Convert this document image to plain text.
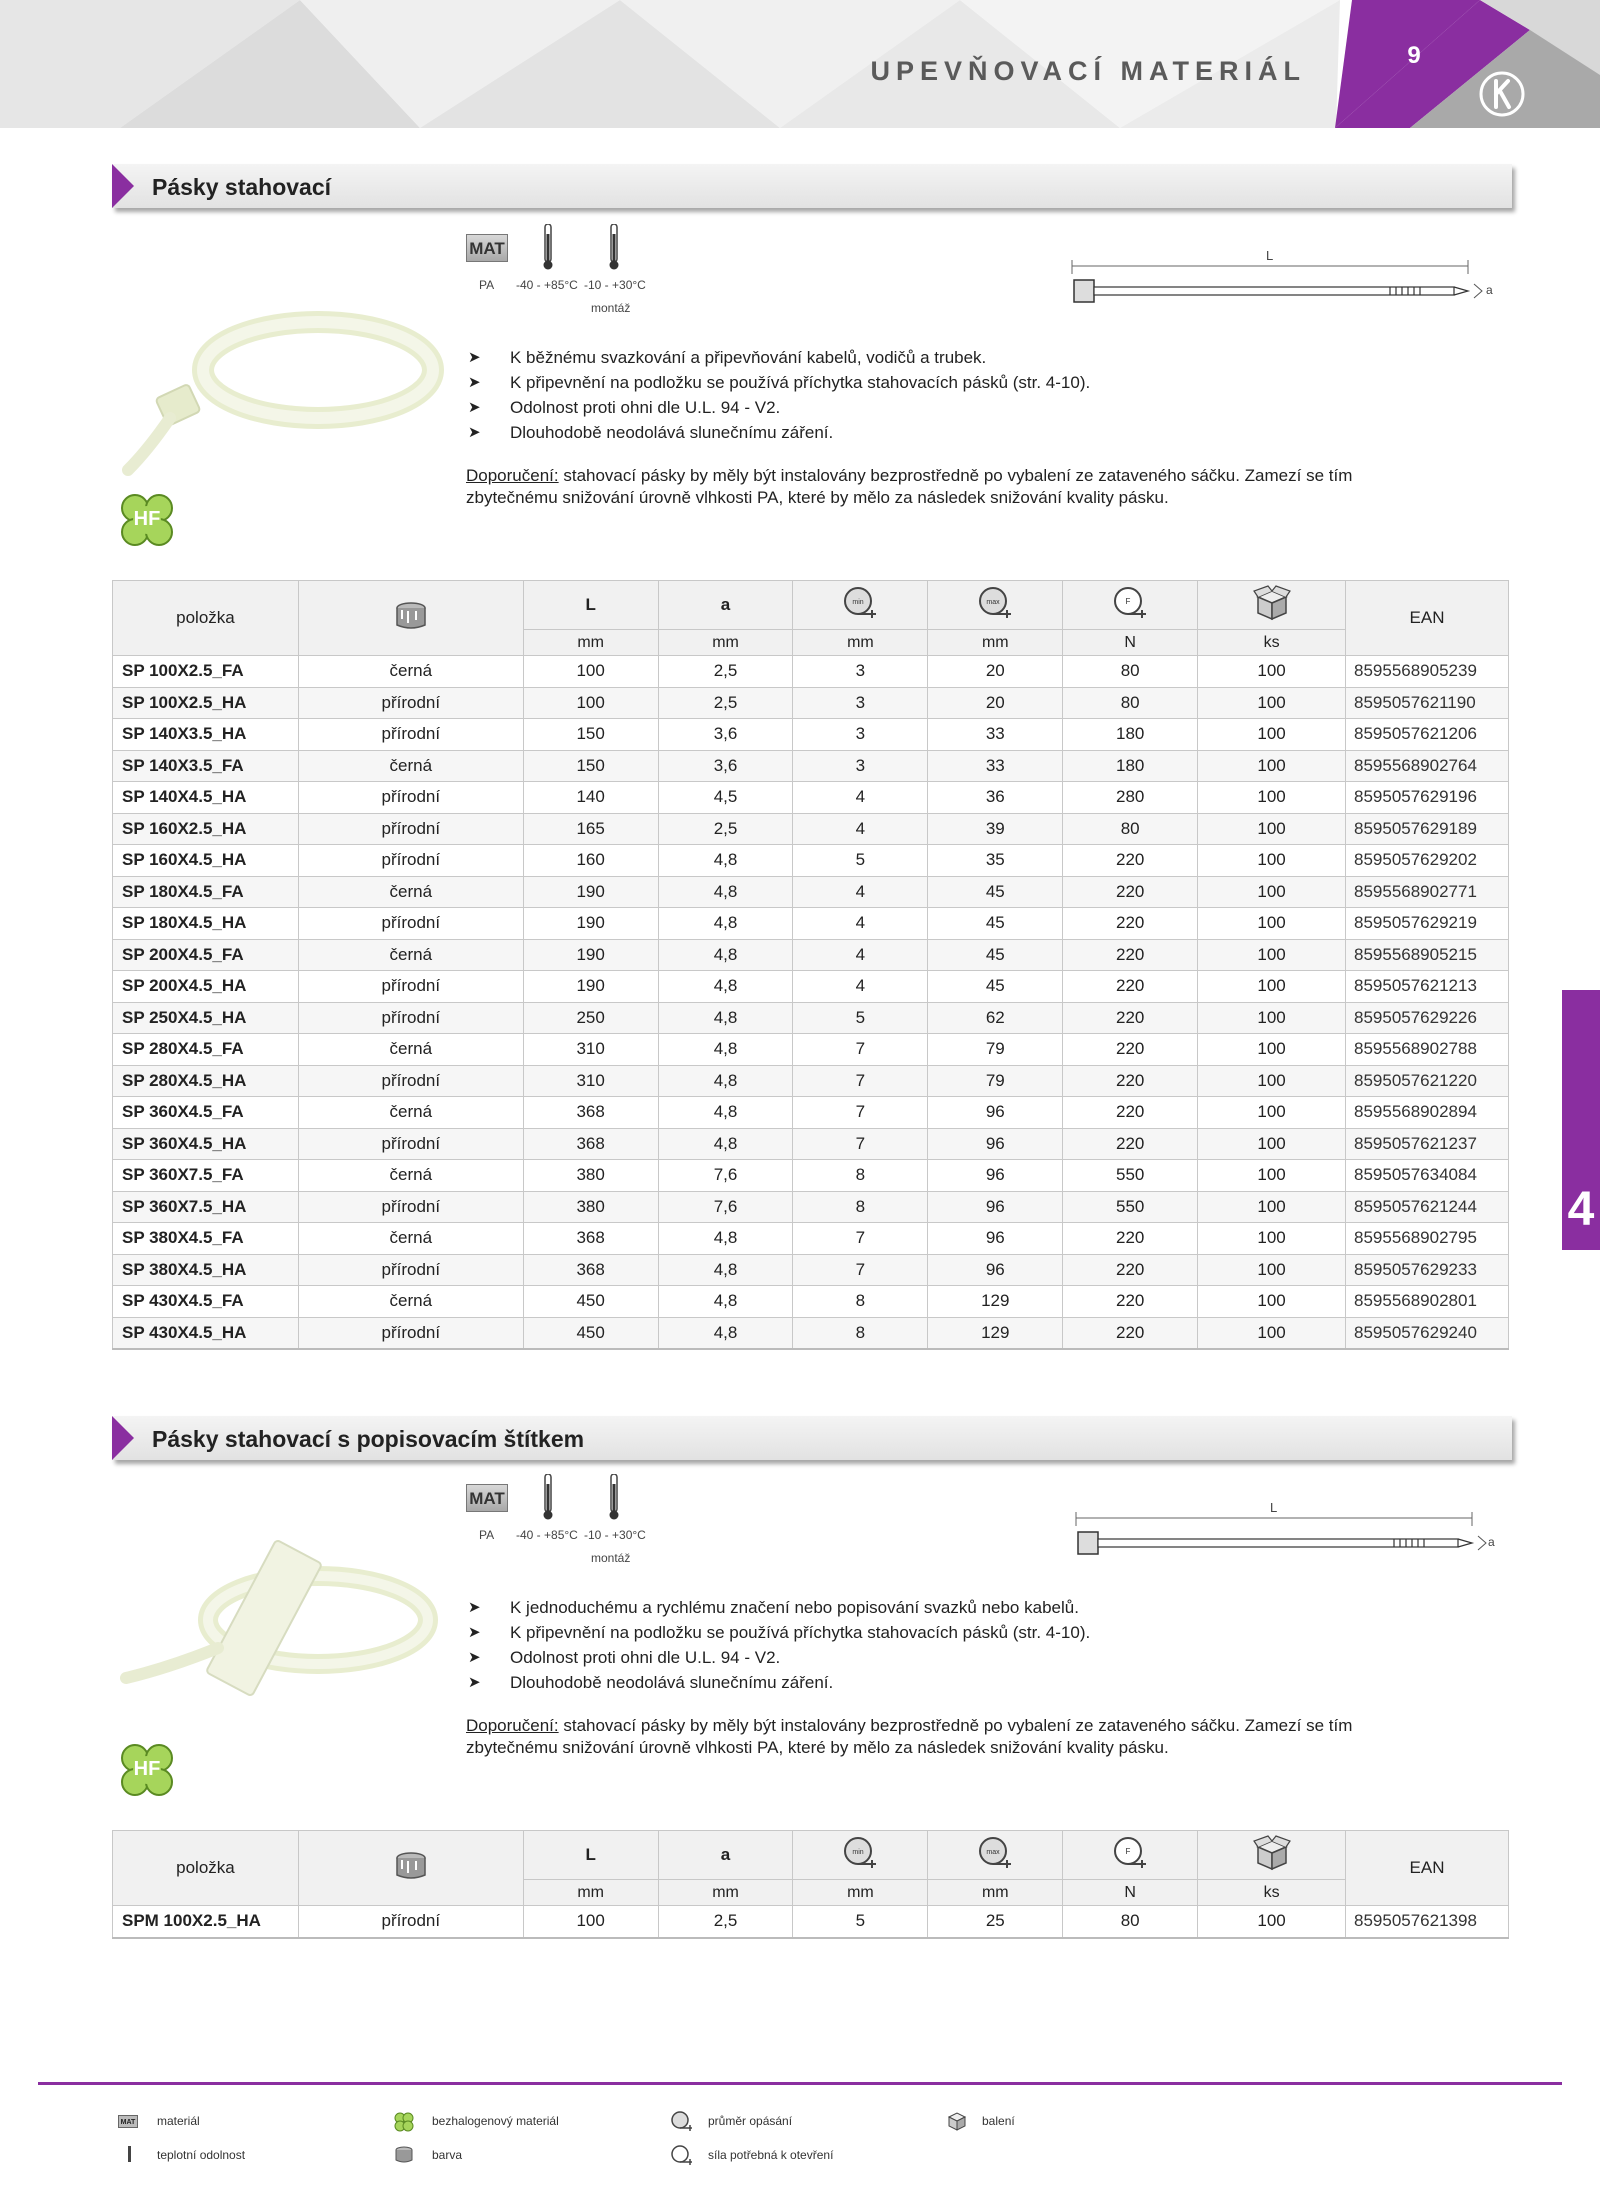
UPEVŇOVACÍ MATERIÁL
9
Pásky stahovací
MAT
PA -40 - +85°C -10 - +30°C
montáž
L
a
➤ K běžnému svazkování a připevňování kabelů, vodičů a trubek.
➤ K připevnění na podložku se používá příchytka stahovacích pásků (str. 4-10).
➤ Odolnost proti ohni dle U.L. 94 - V2.
➤ Dlouhodobě neodolává slunečnímu záření.
Doporučení: stahovací pásky by měly být instalovány bezprostředně po vybalení ze zataveného sáčku. Zamezí se tím
zbytečnému snižování úrovně vlhkosti PA, které by mělo za následek snižování kvality pásku.
HF
položka		L	a	min	max	F		EAN
		mm	mm	mm	mm	N	ks	
SP 100X2.5_FA	černá	100	2,5	3	20	80	100	8595568905239
SP 100X2.5_HA	přírodní	100	2,5	3	20	80	100	8595057621190
SP 140X3.5_HA	přírodní	150	3,6	3	33	180	100	8595057621206
SP 140X3.5_FA	černá	150	3,6	3	33	180	100	8595568902764
SP 140X4.5_HA	přírodní	140	4,5	4	36	280	100	8595057629196
SP 160X2.5_HA	přírodní	165	2,5	4	39	80	100	8595057629189
SP 160X4.5_HA	přírodní	160	4,8	5	35	220	100	8595057629202
SP 180X4.5_FA	černá	190	4,8	4	45	220	100	8595568902771
SP 180X4.5_HA	přírodní	190	4,8	4	45	220	100	8595057629219
SP 200X4.5_FA	černá	190	4,8	4	45	220	100	8595568905215
SP 200X4.5_HA	přírodní	190	4,8	4	45	220	100	8595057621213
SP 250X4.5_HA	přírodní	250	4,8	5	62	220	100	8595057629226
SP 280X4.5_FA	černá	310	4,8	7	79	220	100	8595568902788
SP 280X4.5_HA	přírodní	310	4,8	7	79	220	100	8595057621220
SP 360X4.5_FA	černá	368	4,8	7	96	220	100	8595568902894
SP 360X4.5_HA	přírodní	368	4,8	7	96	220	100	8595057621237
SP 360X7.5_FA	černá	380	7,6	8	96	550	100	8595057634084
SP 360X7.5_HA	přírodní	380	7,6	8	96	550	100	8595057621244
SP 380X4.5_FA	černá	368	4,8	7	96	220	100	8595568902795
SP 380X4.5_HA	přírodní	368	4,8	7	96	220	100	8595057629233
SP 430X4.5_FA	černá	450	4,8	8	129	220	100	8595568902801
SP 430X4.5_HA	přírodní	450	4,8	8	129	220	100	8595057629240
Pásky stahovací s popisovacím štítkem
MAT
PA -40 - +85°C -10 - +30°C
montáž
L
a
➤ K jednoduchému a rychlému značení nebo popisování svazků nebo kabelů.
➤ K připevnění na podložku se používá příchytka stahovacích pásků (str. 4-10).
➤ Odolnost proti ohni dle U.L. 94 - V2.
➤ Dlouhodobě neodolává slunečnímu záření.
Doporučení: stahovací pásky by měly být instalovány bezprostředně po vybalení ze zataveného sáčku. Zamezí se tím
zbytečnému snižování úrovně vlhkosti PA, které by mělo za následek snižování kvality pásku.
HF
položka		L	a	min	max	F		EAN
		mm	mm	mm	mm	N	ks	
SPM 100X2.5_HA	přírodní	100	2,5	5	25	80	100	8595057621398
4
MAT materiál
teplotní odolnost
bezhalogenový materiál
barva
průměr opásání
síla potřebná k otevření
balení
